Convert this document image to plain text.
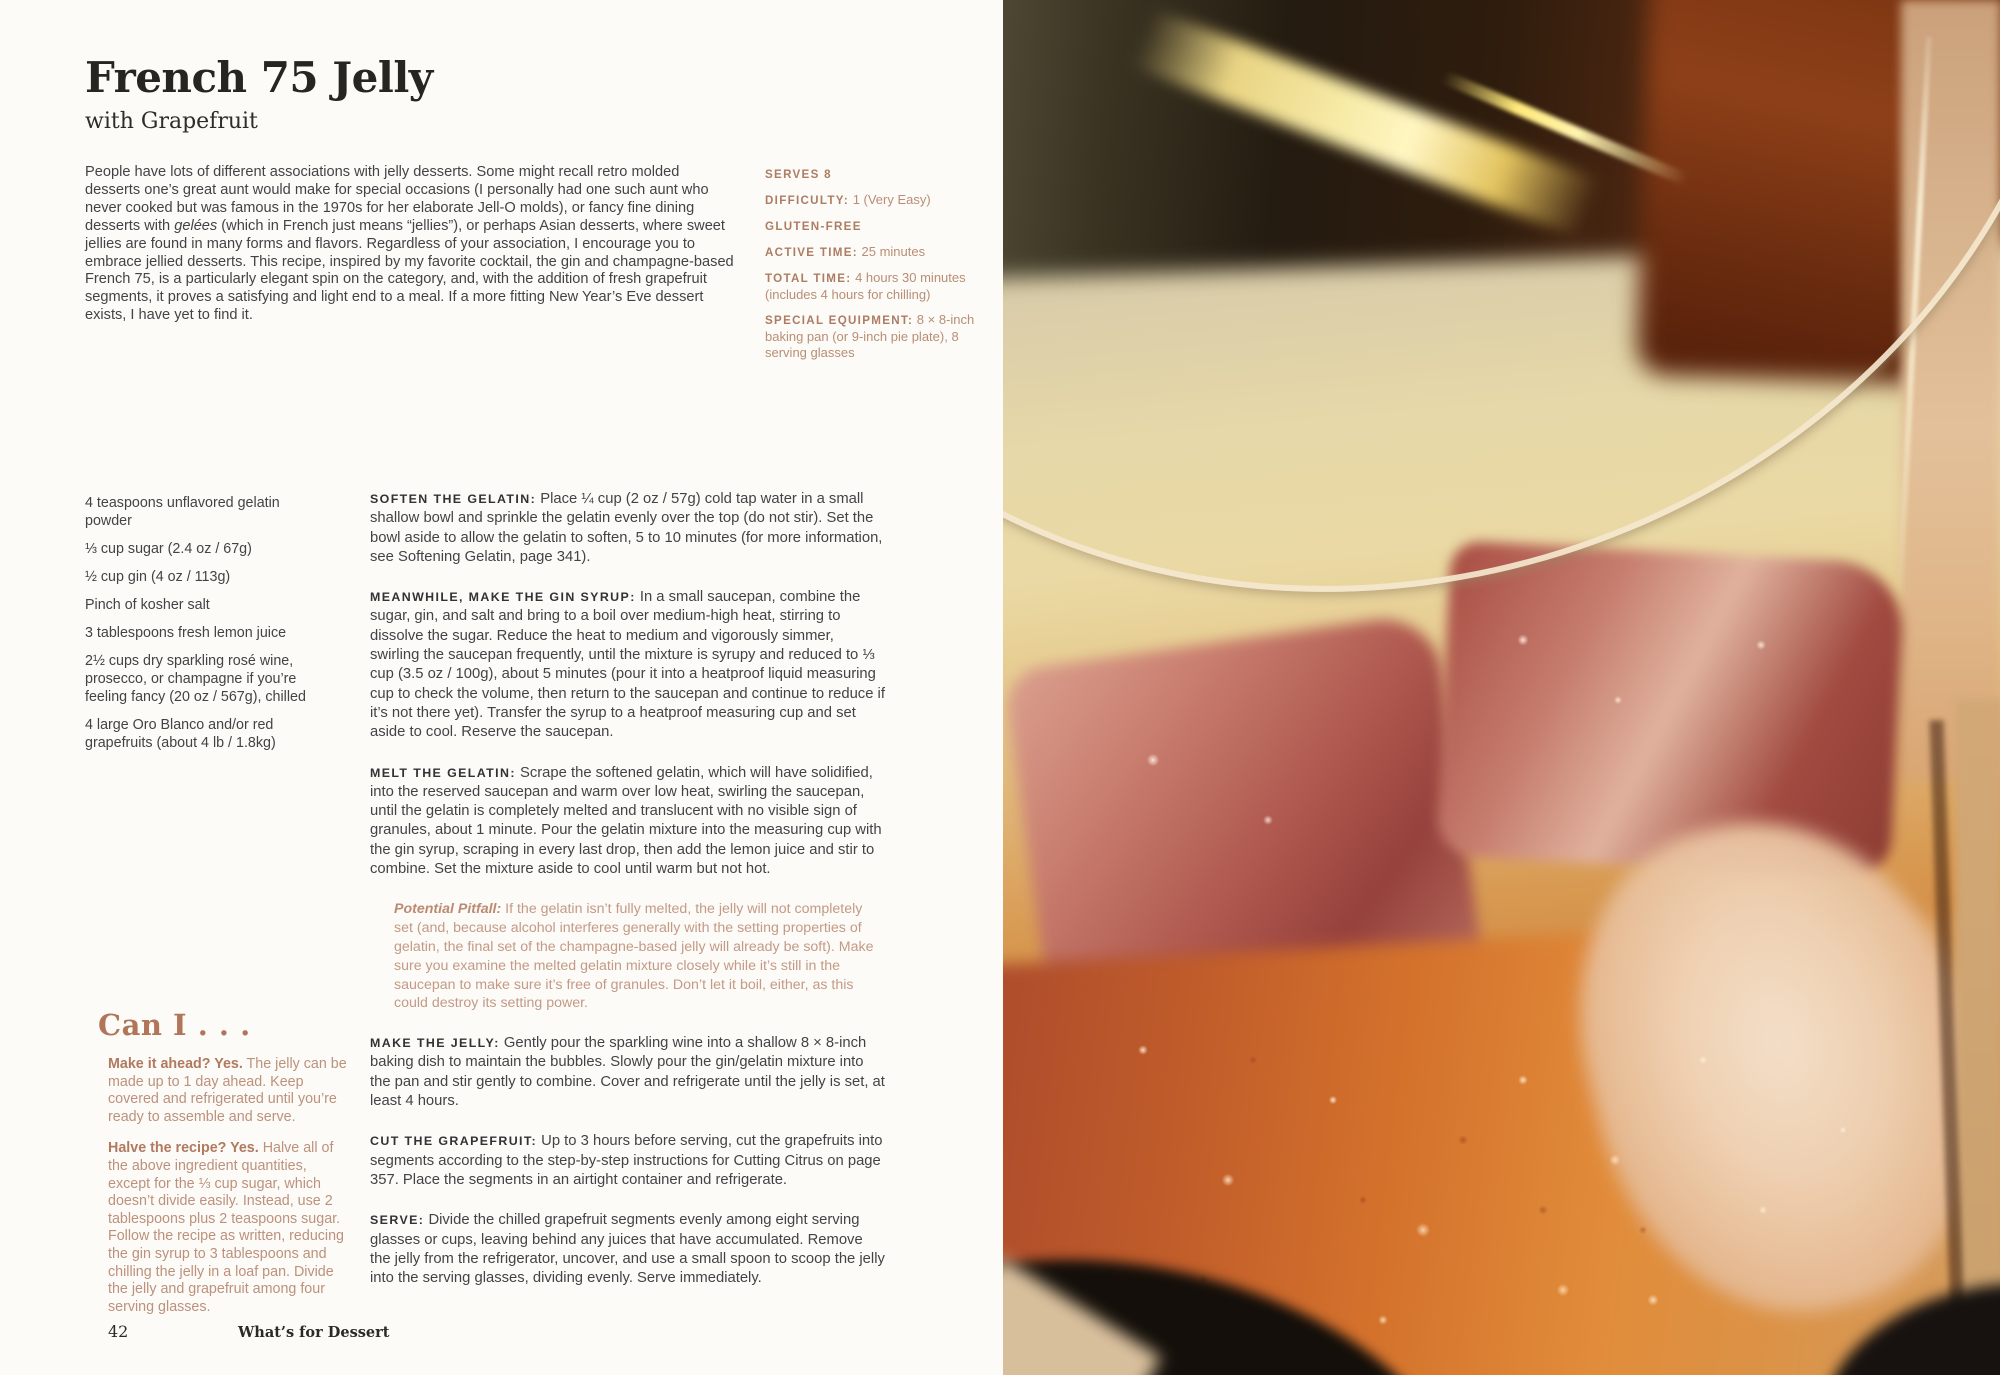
French 75 Jelly
with Grapefruit
People have lots of different associations with jelly desserts. Some might recall retro molded desserts one’s great aunt would make for special occasions (I personally had one such aunt who never cooked but was famous in the 1970s for her elaborate Jell-O molds), or fancy fine dining desserts with gelées (which in French just means “jellies”), or perhaps Asian desserts, where sweet jellies are found in many forms and flavors. Regardless of your association, I encourage you to embrace jellied desserts. This recipe, inspired by my favorite cocktail, the gin and champagne-based French 75, is a particularly elegant spin on the category, and, with the addition of fresh grapefruit segments, it proves a satisfying and light end to a meal. If a more fitting New Year’s Eve dessert exists, I have yet to find it.
SERVES 8
DIFFICULTY: 1 (Very Easy)
GLUTEN-FREE
ACTIVE TIME: 25 minutes
TOTAL TIME: 4 hours 30 minutes (includes 4 hours for chilling)
SPECIAL EQUIPMENT: 8 × 8-inch baking pan (or 9-inch pie plate), 8 serving glasses
4 teaspoons unflavored gelatin powder
⅓ cup sugar (2.4 oz / 67g)
½ cup gin (4 oz / 113g)
Pinch of kosher salt
3 tablespoons fresh lemon juice
2½ cups dry sparkling rosé wine, prosecco, or champagne if you’re feeling fancy (20 oz / 567g), chilled
4 large Oro Blanco and/or red grapefruits (about 4 lb / 1.8kg)
SOFTEN THE GELATIN: Place ¼ cup (2 oz / 57g) cold tap water in a small shallow bowl and sprinkle the gelatin evenly over the top (do not stir). Set the bowl aside to allow the gelatin to soften, 5 to 10 minutes (for more information, see Softening Gelatin, page 341).
MEANWHILE, MAKE THE GIN SYRUP: In a small saucepan, combine the sugar, gin, and salt and bring to a boil over medium-high heat, stirring to dissolve the sugar. Reduce the heat to medium and vigorously simmer, swirling the saucepan frequently, until the mixture is syrupy and reduced to ⅓ cup (3.5 oz / 100g), about 5 minutes (pour it into a heatproof liquid measuring cup to check the volume, then return to the saucepan and continue to reduce if it’s not there yet). Transfer the syrup to a heatproof measuring cup and set aside to cool. Reserve the saucepan.
MELT THE GELATIN: Scrape the softened gelatin, which will have solidified, into the reserved saucepan and warm over low heat, swirling the saucepan, until the gelatin is completely melted and translucent with no visible sign of granules, about 1 minute. Pour the gelatin mixture into the measuring cup with the gin syrup, scraping in every last drop, then add the lemon juice and stir to combine. Set the mixture aside to cool until warm but not hot.
Potential Pitfall: If the gelatin isn’t fully melted, the jelly will not completely set (and, because alcohol interferes generally with the setting properties of gelatin, the final set of the champagne-based jelly will already be soft). Make sure you examine the melted gelatin mixture closely while it’s still in the saucepan to make sure it’s free of granules. Don’t let it boil, either, as this could destroy its setting power.
MAKE THE JELLY: Gently pour the sparkling wine into a shallow 8 × 8-inch baking dish to maintain the bubbles. Slowly pour the gin/gelatin mixture into the pan and stir gently to combine. Cover and refrigerate until the jelly is set, at least 4 hours.
CUT THE GRAPEFRUIT: Up to 3 hours before serving, cut the grapefruits into segments according to the step-by-step instructions for Cutting Citrus on page 357. Place the segments in an airtight container and refrigerate.
SERVE: Divide the chilled grapefruit segments evenly among eight serving glasses or cups, leaving behind any juices that have accumulated. Remove the jelly from the refrigerator, uncover, and use a small spoon to scoop the jelly into the serving glasses, dividing evenly. Serve immediately.
Can I . . .
Make it ahead? Yes. The jelly can be made up to 1 day ahead. Keep covered and refrigerated until you’re ready to assemble and serve.
Halve the recipe? Yes. Halve all of the above ingredient quantities, except for the ⅓ cup sugar, which doesn’t divide easily. Instead, use 2 tablespoons plus 2 teaspoons sugar. Follow the recipe as written, reducing the gin syrup to 3 tablespoons and chilling the jelly in a loaf pan. Divide the jelly and grapefruit among four serving glasses.
42	What’s for Dessert
